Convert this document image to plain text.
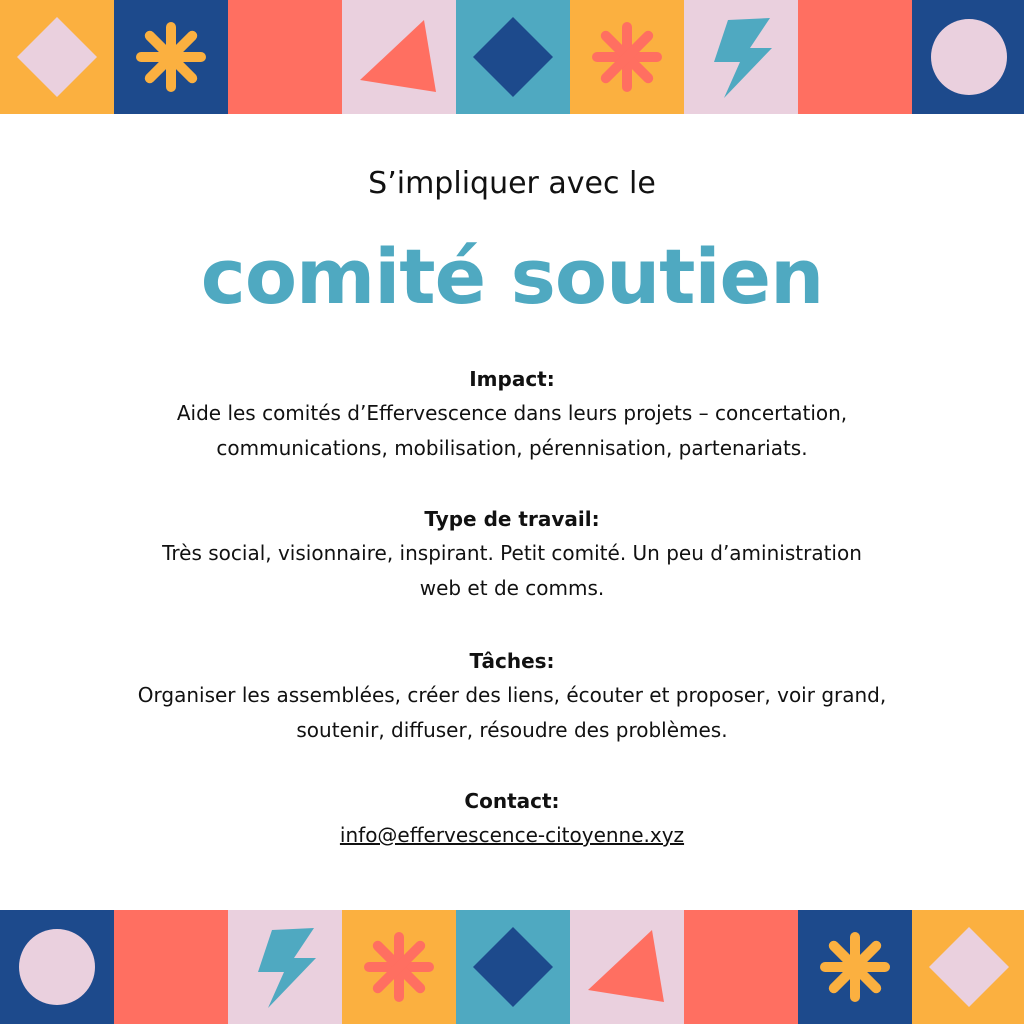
S’impliquer avec le
comité soutien
Impact:
Aide les comités d’Effervescence dans leurs projets – concertation, communications, mobilisation, pérennisation, partenariats.
Type de travail:
Très social, visionnaire, inspirant. Petit comité. Un peu d’aministration web et de comms.
Tâches:
Organiser les assemblées, créer des liens, écouter et proposer, voir grand, soutenir, diffuser, résoudre des problèmes.
Contact:
info@effervescence-citoyenne.xyz
